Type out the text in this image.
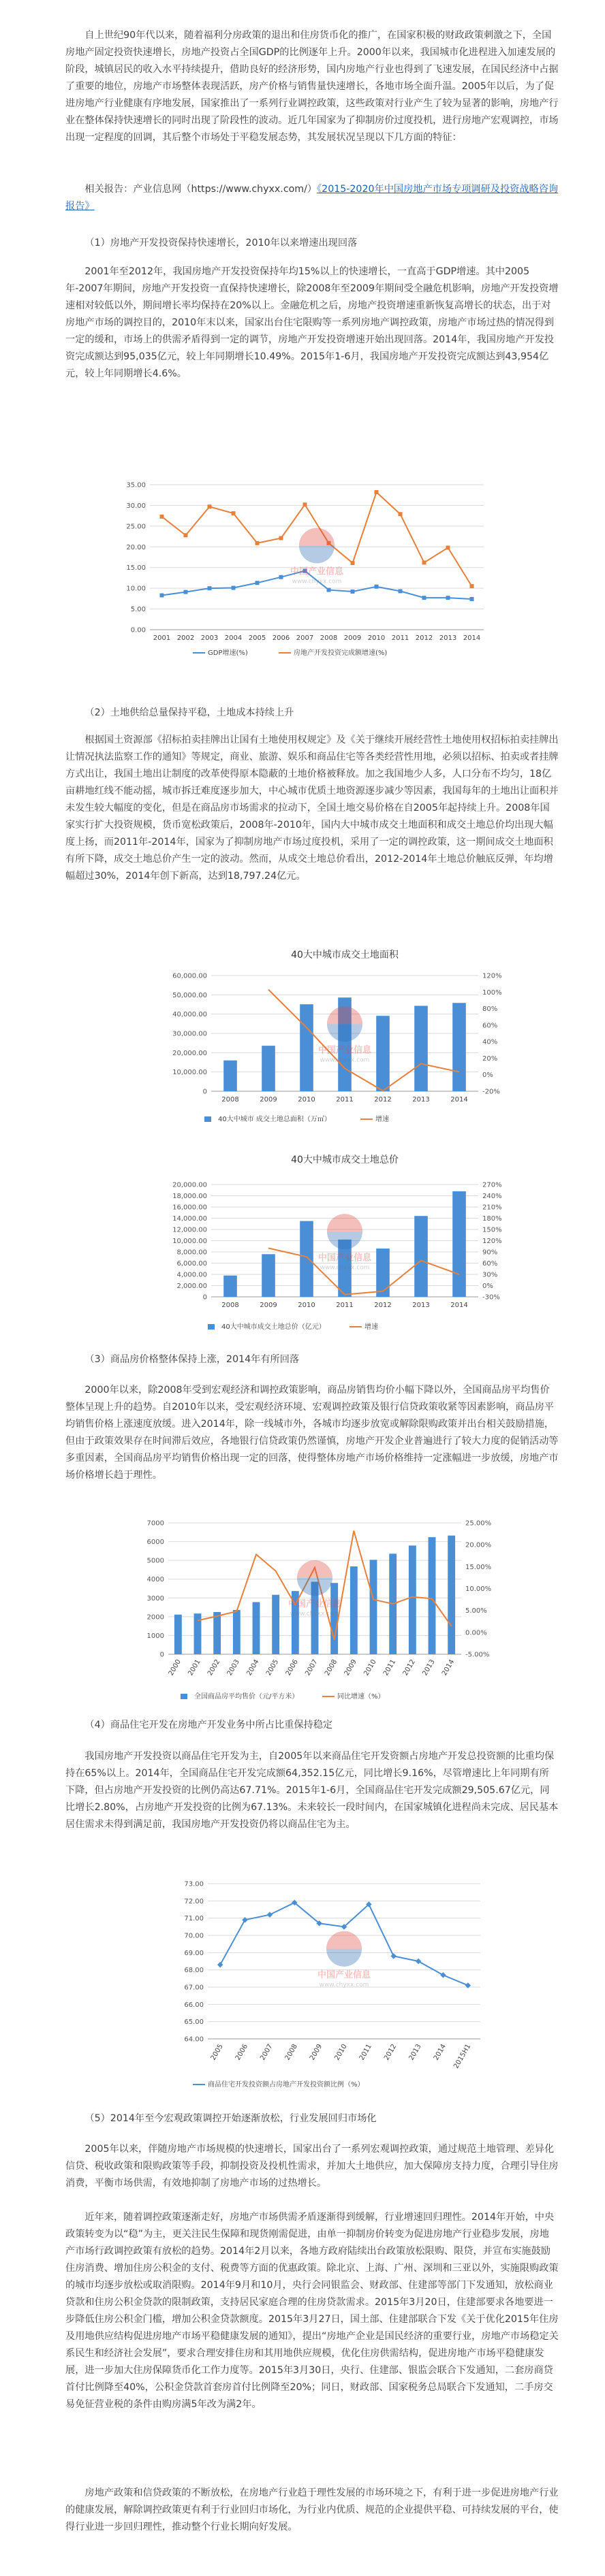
自上世纪90年代以来，随着福利分房政策的退出和住房货币化的推广，在国家积极的财政政策刺激之下，全国房地产固定投资快速增长，房地产投资占全国GDP的比例逐年上升。2000年以来，我国城市化进程进入加速发展的阶段，城镇居民的收入水平持续提升，借助良好的经济形势，国内房地产行业也得到了飞速发展，在国民经济中占据了重要的地位，房地产市场整体表现活跃，房产价格与销售量快速增长，各地市场全面升温。2005年以后，为了促进房地产行业健康有序地发展，国家推出了一系列行业调控政策，这些政策对行业产生了较为显著的影响，房地产行业在整体保持快速增长的同时出现了阶段性的波动。近几年国家为了抑制房价过度投机，进行房地产宏观调控，市场出现一定程度的回调，其后整个市场处于平稳发展态势，其发展状况呈现以下几方面的特征：

相关报告：产业信息网（https://www.chyxx.com/）《2015-2020年中国房地产市场专项调研及投资战略咨询报告》

（1）房地产开发投资保持快速增长，2010年以来增速出现回落

2001年至2012年，我国房地产开发投资保持年均15%以上的快速增长，一直高于GDP增速。其中2005年-2007年期间，房地产开发投资一直保持快速增长，除2008年至2009年期间受全融危机影响，房地产开发投资增速相对较低以外，期间增长率均保持在20%以上。金融危机之后，房地产投资增速重新恢复高增长的状态，出于对房地产市场的调控目的，2010年末以来，国家出台住宅限购等一系列房地产调控政策，房地产市场过热的情况得到一定的缓和，市场上的供需矛盾得到一定的调节，房地产开发投资增速开始出现回落。2014年，我国房地产开发投资完成额达到95,035亿元，较上年同期增长10.49%。2015年1-6月，我国房地产开发投资完成额达到43,954亿元，较上年同期增长4.6%。

0.00
5.00
10.00
15.00
20.00
25.00
30.00
35.00
2001 2002 2003 2004 2005 2006 2007 2008 2009 2010 2011 2012 2013 2014
中国产业信息
www.chyxx.com
GDP增速(%)	房地产开发投资完成额增速(%)

（2）土地供给总量保持平稳，土地成本持续上升

根据国土资源部《招标拍卖挂牌出让国有土地使用权规定》及《关于继续开展经营性土地使用权招标拍卖挂牌出让情况执法监察工作的通知》等规定，商业、旅游、娱乐和商品住宅等各类经营性用地，必须以招标、拍卖或者挂牌方式出让，我国土地出让制度的改革使得原本隐蔽的土地价格被释放。加之我国地少人多，人口分布不均匀，18亿亩耕地红线不能动摇，城市拆迁难度逐步加大，中心城市优质土地资源逐步减少等因素，我国每年的土地出让面积并未发生较大幅度的变化，但是在商品房市场需求的拉动下，全国土地交易价格在自2005年起持续上升。2008年国家实行扩大投资规模，货币宽松政策后，2008年-2010年，国内大中城市成交土地面积和成交土地总价均出现大幅度上扬，而2011年-2014年，国家为了抑制房地产市场过度投机，采用了一定的调控政策，这一期间成交土地面积有所下降，成交土地总价产生一定的波动。然而，从成交土地总价看出，2012-2014年土地总价触底反弹，年均增幅超过30%，2014年创下新高，达到18,797.24亿元。

40大中城市成交土地面积
0
10,000.00
20,000.00
30,000.00
40,000.00
50,000.00
60,000.00
-20%
0%
20%
40%
60%
80%
100%
120%
2008	2009	2010	2011	2012	2013	2014
中国产业信息
www.chyxx.com
40大中城市 成交土地总面积（万㎡）	增速
40大中城市成交土地总价
0
2,000.00
4,000.00
6,000.00
8,000.00
10,000.00
12,000.00
14,000.00
16,000.00
18,000.00
20,000.00
-30%
0%
30%
60%
90%
120%
150%
180%
210%
240%
270%
2008	2009	2010	2011	2012	2013	2014
中国产业信息
www.chyxx.com
40大中城市成交土地总价（亿元）	增速

（3）商品房价格整体保持上涨，2014年有所回落

2000年以来，除2008年受到宏观经济和调控政策影响，商品房销售均价小幅下降以外，全国商品房平均售价整体呈现上升的趋势。自2010年以来，受宏观经济环境、宏观调控政策及银行信贷政策收紧等因素影响，商品房平均销售价格上涨速度放缓。进入2014年，除一线城市外，各城市均逐步放宽或解除限购政策并出台相关鼓励措施，但由于政策效果存在时间滞后效应，各地银行信贷政策仍然谨慎，房地产开发企业普遍进行了较大力度的促销活动等多重因素，全国商品房平均销售价格出现一定的回落，使得整体房地产市场价格维持一定涨幅进一步放缓，房地产市场价格增长趋于理性。

0
1000
2000
3000
4000
5000
6000
7000
-5.00%
0.00%
5.00%
10.00%
15.00%
20.00%
25.00%
2000 2001 2002 2003 2004 2005 2006 2007 2008 2009 2010 2011 2012 2013 2014
中国产业信息
www.chyxx.com
全国商品房平均售价（元/平方米）	同比增速（%）

（4）商品住宅开发在房地产开发业务中所占比重保持稳定

我国房地产开发投资以商品住宅开发为主，自2005年以来商品住宅开发资额占房地产开发总投资额的比重均保持在65%以上。2014年，全国商品住宅开发完成额64,352.15亿元，同比增长9.16%，尽管增速比上年同期有所下降，但占房地产开发投资的比例仍高达67.71%。2015年1-6月，全国商品住宅开发完成额29,505.67亿元，同比增长2.80%，占房地产开发投资的比例为67.13%。未来较长一段时间内，在国家城镇化进程尚未完成、居民基本居住需求未得到满足前，我国房地产开发投资仍将以商品住宅为主。

64.00
65.00
66.00
67.00
68.00
69.00
70.00
71.00
72.00
73.00
2005 2006 2007 2008 2009 2010 2011 2012 2013 2014 2015H1
中国产业信息
www.chyxx.com
商品住宅开发投资额占房地产开发投资额比例（%）

（5）2014年至今宏观政策调控开始逐渐放松，行业发展回归市场化

2005年以来，伴随房地产市场规模的快速增长，国家出台了一系列宏观调控政策，通过规范土地管理、差异化信贷、税收政策和限购政策等手段，抑制投资及投机性需求，并加大土地供应，加大保障房支持力度，合理引导住房消费，平衡市场供需，有效地抑制了房地产市场的过热增长。

近年来，随着调控政策逐渐走好，房地产市场供需矛盾逐渐得到缓解，行业增速回归理性。2014年开始，中央政策转变为以“稳”为主，更关注民生保障和现货刚需促进，由单一抑制房价转变为促进房地产行业稳步发展，房地产市场行政调控政策有放松的趋势。2014年2月以来，各地方政府陆续出台政策放松限购、限贷，并宣布实施鼓励住房消费、增加住房公积金的支付、税费等方面的优惠政策。除北京、上海、广州、深圳和三亚以外，实施限购政策的城市均逐步放松或取消限购。2014年9月和10月，央行会同银监会、财政部、住建部等部门下发通知，放松商业贷款和住房公积金贷款的限制政策，支持居民家庭合理的住房贷款需求。2015年3月20日，住建部要求各地要进一步降低住房公积金门槛，增加公积金贷款额度。2015年3月27日，国土部、住建部联合下发《关于优化2015年住房及用地供应结构促进房地产市场平稳健康发展的通知》，提出“房地产企业是国民经济的重要行业，房地产市场稳定关系民生和经济社会发展”，要求合理安排住房和其用地供应规模，优化住房供需结构，促进房地产市场平稳健康发展，进一步加大住房保障货币化工作力度等。2015年3月30日，央行、住建部、银监会联合下发通知，二套房商贷首付比例降至40%，公积金贷款首套房首付比例降至20%；同日，财政部、国家税务总局联合下发通知，二手房交易免征营业税的条件由购房满5年改为满2年。

房地产政策和信贷政策的不断放松，在房地产行业趋于理性发展的市场环境之下，有利于进一步促进房地产行业的健康发展，解除调控政策更有利于行业回归市场化，为行业内优质、规范的企业提供平稳、可持续发展的平台，使得行业进一步回归理性，推动整个行业长期向好发展。
